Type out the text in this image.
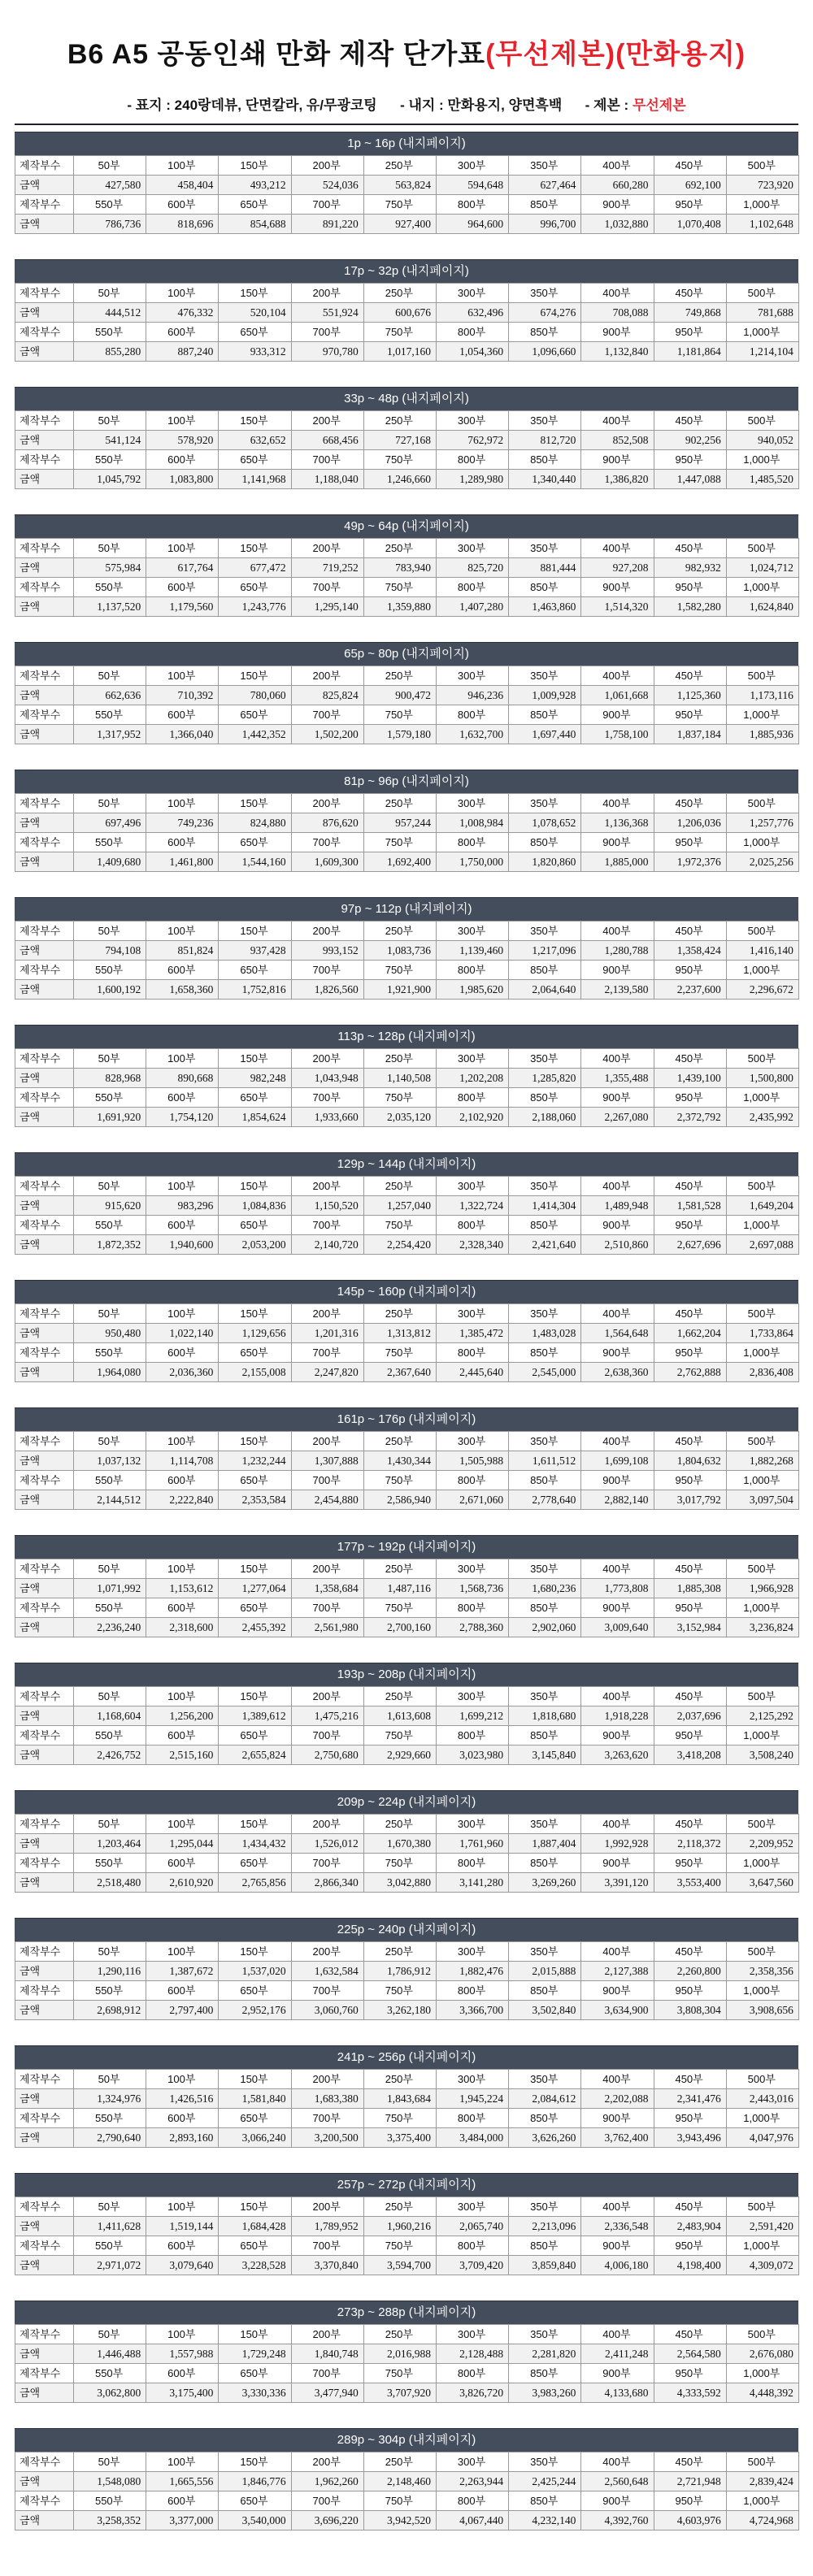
B6 A5 공동인쇄 만화 제작 단가표(무선제본)(만화용지)
- 표지 : 240랑데뷰, 단면칼라, 유/무광코팅 - 내지 : 만화용지, 양면흑백 - 제본 : 무선제본
1p ~ 16p (내지페이지)
제작부수	50부	100부	150부	200부	250부	300부	350부	400부	450부	500부
금액	427,580	458,404	493,212	524,036	563,824	594,648	627,464	660,280	692,100	723,920
제작부수	550부	600부	650부	700부	750부	800부	850부	900부	950부	1,000부
금액	786,736	818,696	854,688	891,220	927,400	964,600	996,700	1,032,880	1,070,408	1,102,648
17p ~ 32p (내지페이지)
제작부수	50부	100부	150부	200부	250부	300부	350부	400부	450부	500부
금액	444,512	476,332	520,104	551,924	600,676	632,496	674,276	708,088	749,868	781,688
제작부수	550부	600부	650부	700부	750부	800부	850부	900부	950부	1,000부
금액	855,280	887,240	933,312	970,780	1,017,160	1,054,360	1,096,660	1,132,840	1,181,864	1,214,104
33p ~ 48p (내지페이지)
제작부수	50부	100부	150부	200부	250부	300부	350부	400부	450부	500부
금액	541,124	578,920	632,652	668,456	727,168	762,972	812,720	852,508	902,256	940,052
제작부수	550부	600부	650부	700부	750부	800부	850부	900부	950부	1,000부
금액	1,045,792	1,083,800	1,141,968	1,188,040	1,246,660	1,289,980	1,340,440	1,386,820	1,447,088	1,485,520
49p ~ 64p (내지페이지)
제작부수	50부	100부	150부	200부	250부	300부	350부	400부	450부	500부
금액	575,984	617,764	677,472	719,252	783,940	825,720	881,444	927,208	982,932	1,024,712
제작부수	550부	600부	650부	700부	750부	800부	850부	900부	950부	1,000부
금액	1,137,520	1,179,560	1,243,776	1,295,140	1,359,880	1,407,280	1,463,860	1,514,320	1,582,280	1,624,840
65p ~ 80p (내지페이지)
제작부수	50부	100부	150부	200부	250부	300부	350부	400부	450부	500부
금액	662,636	710,392	780,060	825,824	900,472	946,236	1,009,928	1,061,668	1,125,360	1,173,116
제작부수	550부	600부	650부	700부	750부	800부	850부	900부	950부	1,000부
금액	1,317,952	1,366,040	1,442,352	1,502,200	1,579,180	1,632,700	1,697,440	1,758,100	1,837,184	1,885,936
81p ~ 96p (내지페이지)
제작부수	50부	100부	150부	200부	250부	300부	350부	400부	450부	500부
금액	697,496	749,236	824,880	876,620	957,244	1,008,984	1,078,652	1,136,368	1,206,036	1,257,776
제작부수	550부	600부	650부	700부	750부	800부	850부	900부	950부	1,000부
금액	1,409,680	1,461,800	1,544,160	1,609,300	1,692,400	1,750,000	1,820,860	1,885,000	1,972,376	2,025,256
97p ~ 112p (내지페이지)
제작부수	50부	100부	150부	200부	250부	300부	350부	400부	450부	500부
금액	794,108	851,824	937,428	993,152	1,083,736	1,139,460	1,217,096	1,280,788	1,358,424	1,416,140
제작부수	550부	600부	650부	700부	750부	800부	850부	900부	950부	1,000부
금액	1,600,192	1,658,360	1,752,816	1,826,560	1,921,900	1,985,620	2,064,640	2,139,580	2,237,600	2,296,672
113p ~ 128p (내지페이지)
제작부수	50부	100부	150부	200부	250부	300부	350부	400부	450부	500부
금액	828,968	890,668	982,248	1,043,948	1,140,508	1,202,208	1,285,820	1,355,488	1,439,100	1,500,800
제작부수	550부	600부	650부	700부	750부	800부	850부	900부	950부	1,000부
금액	1,691,920	1,754,120	1,854,624	1,933,660	2,035,120	2,102,920	2,188,060	2,267,080	2,372,792	2,435,992
129p ~ 144p (내지페이지)
제작부수	50부	100부	150부	200부	250부	300부	350부	400부	450부	500부
금액	915,620	983,296	1,084,836	1,150,520	1,257,040	1,322,724	1,414,304	1,489,948	1,581,528	1,649,204
제작부수	550부	600부	650부	700부	750부	800부	850부	900부	950부	1,000부
금액	1,872,352	1,940,600	2,053,200	2,140,720	2,254,420	2,328,340	2,421,640	2,510,860	2,627,696	2,697,088
145p ~ 160p (내지페이지)
제작부수	50부	100부	150부	200부	250부	300부	350부	400부	450부	500부
금액	950,480	1,022,140	1,129,656	1,201,316	1,313,812	1,385,472	1,483,028	1,564,648	1,662,204	1,733,864
제작부수	550부	600부	650부	700부	750부	800부	850부	900부	950부	1,000부
금액	1,964,080	2,036,360	2,155,008	2,247,820	2,367,640	2,445,640	2,545,000	2,638,360	2,762,888	2,836,408
161p ~ 176p (내지페이지)
제작부수	50부	100부	150부	200부	250부	300부	350부	400부	450부	500부
금액	1,037,132	1,114,708	1,232,244	1,307,888	1,430,344	1,505,988	1,611,512	1,699,108	1,804,632	1,882,268
제작부수	550부	600부	650부	700부	750부	800부	850부	900부	950부	1,000부
금액	2,144,512	2,222,840	2,353,584	2,454,880	2,586,940	2,671,060	2,778,640	2,882,140	3,017,792	3,097,504
177p ~ 192p (내지페이지)
제작부수	50부	100부	150부	200부	250부	300부	350부	400부	450부	500부
금액	1,071,992	1,153,612	1,277,064	1,358,684	1,487,116	1,568,736	1,680,236	1,773,808	1,885,308	1,966,928
제작부수	550부	600부	650부	700부	750부	800부	850부	900부	950부	1,000부
금액	2,236,240	2,318,600	2,455,392	2,561,980	2,700,160	2,788,360	2,902,060	3,009,640	3,152,984	3,236,824
193p ~ 208p (내지페이지)
제작부수	50부	100부	150부	200부	250부	300부	350부	400부	450부	500부
금액	1,168,604	1,256,200	1,389,612	1,475,216	1,613,608	1,699,212	1,818,680	1,918,228	2,037,696	2,125,292
제작부수	550부	600부	650부	700부	750부	800부	850부	900부	950부	1,000부
금액	2,426,752	2,515,160	2,655,824	2,750,680	2,929,660	3,023,980	3,145,840	3,263,620	3,418,208	3,508,240
209p ~ 224p (내지페이지)
제작부수	50부	100부	150부	200부	250부	300부	350부	400부	450부	500부
금액	1,203,464	1,295,044	1,434,432	1,526,012	1,670,380	1,761,960	1,887,404	1,992,928	2,118,372	2,209,952
제작부수	550부	600부	650부	700부	750부	800부	850부	900부	950부	1,000부
금액	2,518,480	2,610,920	2,765,856	2,866,340	3,042,880	3,141,280	3,269,260	3,391,120	3,553,400	3,647,560
225p ~ 240p (내지페이지)
제작부수	50부	100부	150부	200부	250부	300부	350부	400부	450부	500부
금액	1,290,116	1,387,672	1,537,020	1,632,584	1,786,912	1,882,476	2,015,888	2,127,388	2,260,800	2,358,356
제작부수	550부	600부	650부	700부	750부	800부	850부	900부	950부	1,000부
금액	2,698,912	2,797,400	2,952,176	3,060,760	3,262,180	3,366,700	3,502,840	3,634,900	3,808,304	3,908,656
241p ~ 256p (내지페이지)
제작부수	50부	100부	150부	200부	250부	300부	350부	400부	450부	500부
금액	1,324,976	1,426,516	1,581,840	1,683,380	1,843,684	1,945,224	2,084,612	2,202,088	2,341,476	2,443,016
제작부수	550부	600부	650부	700부	750부	800부	850부	900부	950부	1,000부
금액	2,790,640	2,893,160	3,066,240	3,200,500	3,375,400	3,484,000	3,626,260	3,762,400	3,943,496	4,047,976
257p ~ 272p (내지페이지)
제작부수	50부	100부	150부	200부	250부	300부	350부	400부	450부	500부
금액	1,411,628	1,519,144	1,684,428	1,789,952	1,960,216	2,065,740	2,213,096	2,336,548	2,483,904	2,591,420
제작부수	550부	600부	650부	700부	750부	800부	850부	900부	950부	1,000부
금액	2,971,072	3,079,640	3,228,528	3,370,840	3,594,700	3,709,420	3,859,840	4,006,180	4,198,400	4,309,072
273p ~ 288p (내지페이지)
제작부수	50부	100부	150부	200부	250부	300부	350부	400부	450부	500부
금액	1,446,488	1,557,988	1,729,248	1,840,748	2,016,988	2,128,488	2,281,820	2,411,248	2,564,580	2,676,080
제작부수	550부	600부	650부	700부	750부	800부	850부	900부	950부	1,000부
금액	3,062,800	3,175,400	3,330,336	3,477,940	3,707,920	3,826,720	3,983,260	4,133,680	4,333,592	4,448,392
289p ~ 304p (내지페이지)
제작부수	50부	100부	150부	200부	250부	300부	350부	400부	450부	500부
금액	1,548,080	1,665,556	1,846,776	1,962,260	2,148,460	2,263,944	2,425,244	2,560,648	2,721,948	2,839,424
제작부수	550부	600부	650부	700부	750부	800부	850부	900부	950부	1,000부
금액	3,258,352	3,377,000	3,540,000	3,696,220	3,942,520	4,067,440	4,232,140	4,392,760	4,603,976	4,724,968
